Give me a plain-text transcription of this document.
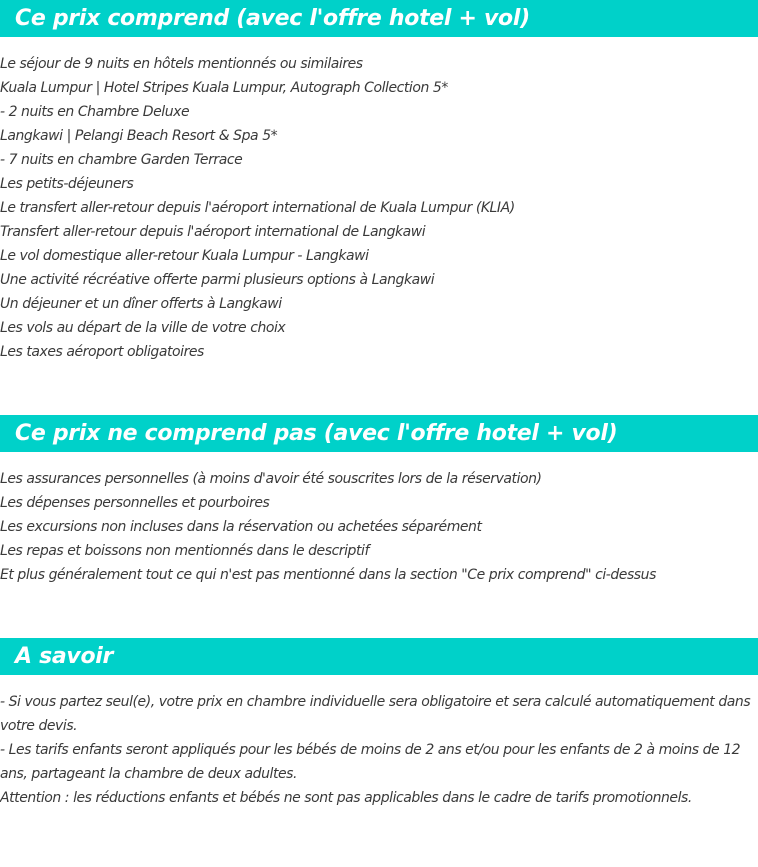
Ce prix comprend (avec l'offre hotel + vol)
Le séjour de 9 nuits en hôtels mentionnés ou similaires
Kuala Lumpur | Hotel Stripes Kuala Lumpur, Autograph Collection 5*
- 2 nuits en Chambre Deluxe
Langkawi | Pelangi Beach Resort & Spa 5*
- 7 nuits en chambre Garden Terrace
Les petits-déjeuners
Le transfert aller-retour depuis l'aéroport international de Kuala Lumpur (KLIA)
Transfert aller-retour depuis l'aéroport international de Langkawi
Le vol domestique aller-retour Kuala Lumpur - Langkawi
Une activité récréative offerte parmi plusieurs options à Langkawi
Un déjeuner et un dîner offerts à Langkawi
Les vols au départ de la ville de votre choix
Les taxes aéroport obligatoires
Ce prix ne comprend pas (avec l'offre hotel + vol)
Les assurances personnelles (à moins d'avoir été souscrites lors de la réservation)
Les dépenses personnelles et pourboires
Les excursions non incluses dans la réservation ou achetées séparément
Les repas et boissons non mentionnés dans le descriptif
Et plus généralement tout ce qui n'est pas mentionné dans la section "Ce prix comprend" ci-dessus
A savoir
- Si vous partez seul(e), votre prix en chambre individuelle sera obligatoire et sera calculé automatiquement dans votre devis.
- Les tarifs enfants seront appliqués pour les bébés de moins de 2 ans et/ou pour les enfants de 2 à moins de 12 ans, partageant la chambre de deux adultes.
Attention : les réductions enfants et bébés ne sont pas applicables dans le cadre de tarifs promotionnels.
